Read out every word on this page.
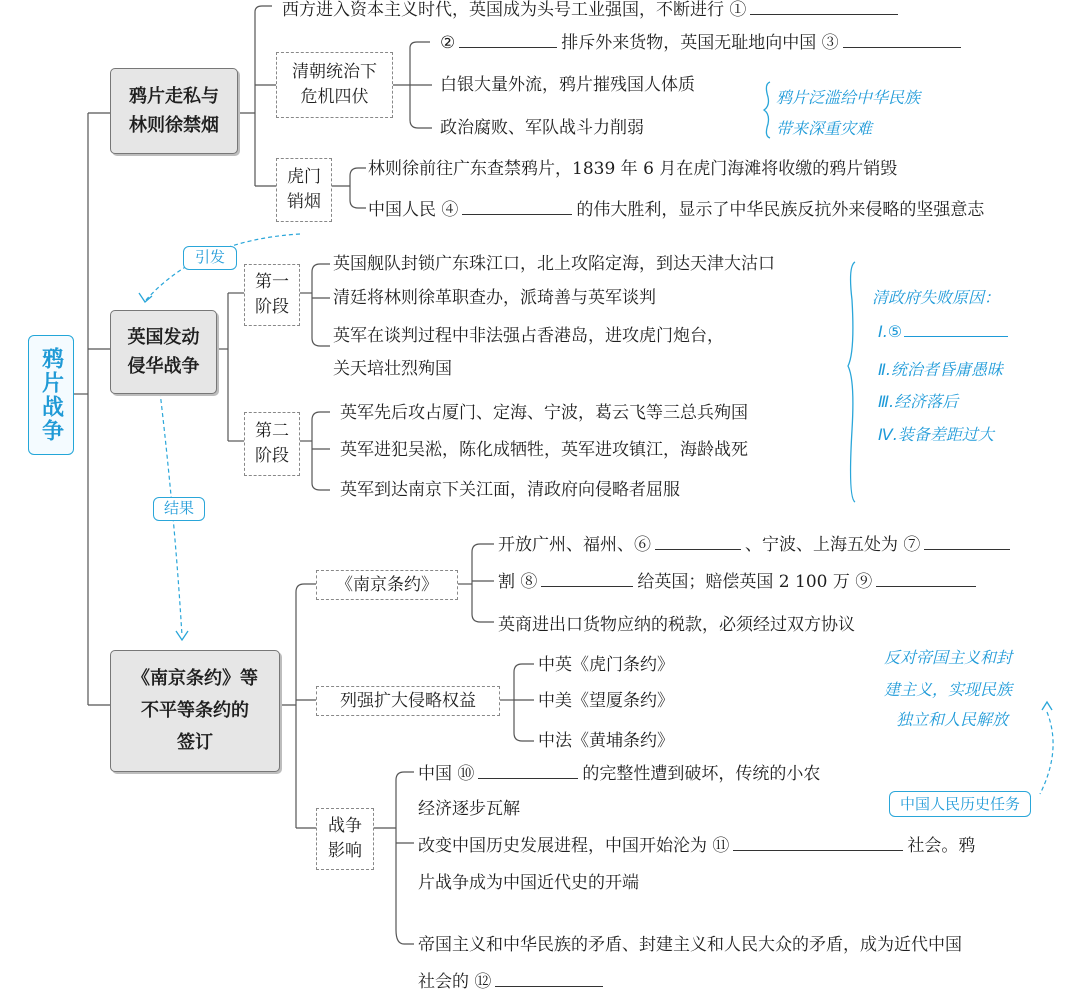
鸦片战争
鸦片走私与
林则徐禁烟
西方进入资本主义时代，英国成为头号工业强国，不断进行 ①
清朝统治下
危机四伏
②	排斥外来货物，英国无耻地向中国 ③
白银大量外流，鸦片摧残国人体质
政治腐败、军队战斗力削弱
鸦片泛滥给中华民族
带来深重灾难
虎门
销烟
林则徐前往广东查禁鸦片，1839 年 6 月在虎门海滩将收缴的鸦片销毁
中国人民 ④	的伟大胜利，显示了中华民族反抗外来侵略的坚强意志
引发
英国发动
侵华战争
第一
阶段
英国舰队封锁广东珠江口，北上攻陷定海，到达天津大沽口
清廷将林则徐革职查办，派琦善与英军谈判
英军在谈判过程中非法强占香港岛，进攻虎门炮台，
关天培壮烈殉国
第二
阶段
英军先后攻占厦门、定海、宁波，葛云飞等三总兵殉国
英军进犯吴淞，陈化成牺牲，英军进攻镇江，海龄战死
英军到达南京下关江面，清政府向侵略者屈服
清政府失败原因：
Ⅰ.⑤
Ⅱ.统治者昏庸愚昧
Ⅲ.经济落后
Ⅳ.装备差距过大
结果
《南京条约》等
不平等条约的
签订
《南京条约》
开放广州、福州、⑥	、宁波、上海五处为 ⑦
割 ⑧	给英国；赔偿英国 2 100 万 ⑨
英商进出口货物应纳的税款，必须经过双方协议
列强扩大侵略权益
中英《虎门条约》
中美《望厦条约》
中法《黄埔条约》
反对帝国主义和封
建主义，实现民族
独立和人民解放
中国人民历史任务
战争
影响
中国 ⑩	的完整性遭到破坏，传统的小农
经济逐步瓦解
改变中国历史发展进程，中国开始沦为 ⑪	社会。鸦
片战争成为中国近代史的开端
帝国主义和中华民族的矛盾、封建主义和人民大众的矛盾，成为近代中国
社会的 ⑫
